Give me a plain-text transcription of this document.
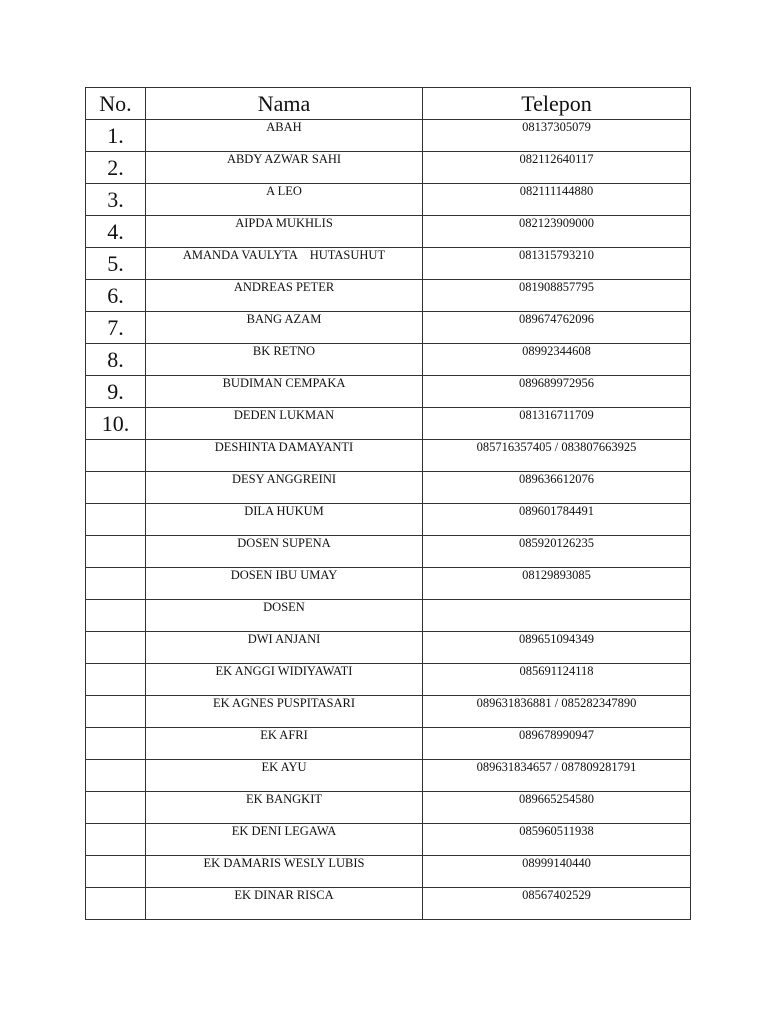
No.	Nama	Telepon
1.	ABAH	08137305079
2.	ABDY AZWAR SAHI	082112640117
3.	A LEO	082111144880
4.	AIPDA MUKHLIS	082123909000
5.	AMANDA VAULYTA    HUTASUHUT	081315793210
6.	ANDREAS PETER	081908857795
7.	BANG AZAM	089674762096
8.	BK RETNO	08992344608
9.	BUDIMAN CEMPAKA	089689972956
10.	DEDEN LUKMAN	081316711709
	DESHINTA DAMAYANTI	085716357405 / 083807663925
	DESY ANGGREINI	089636612076
	DILA HUKUM	089601784491
	DOSEN SUPENA	085920126235
	DOSEN IBU UMAY	08129893085
	DOSEN	
	DWI ANJANI	089651094349
	EK ANGGI WIDIYAWATI	085691124118
	EK AGNES PUSPITASARI	089631836881 / 085282347890
	EK AFRI	089678990947
	EK AYU	089631834657 / 087809281791
	EK BANGKIT	089665254580
	EK DENI LEGAWA	085960511938
	EK DAMARIS WESLY LUBIS	08999140440
	EK DINAR RISCA	08567402529
